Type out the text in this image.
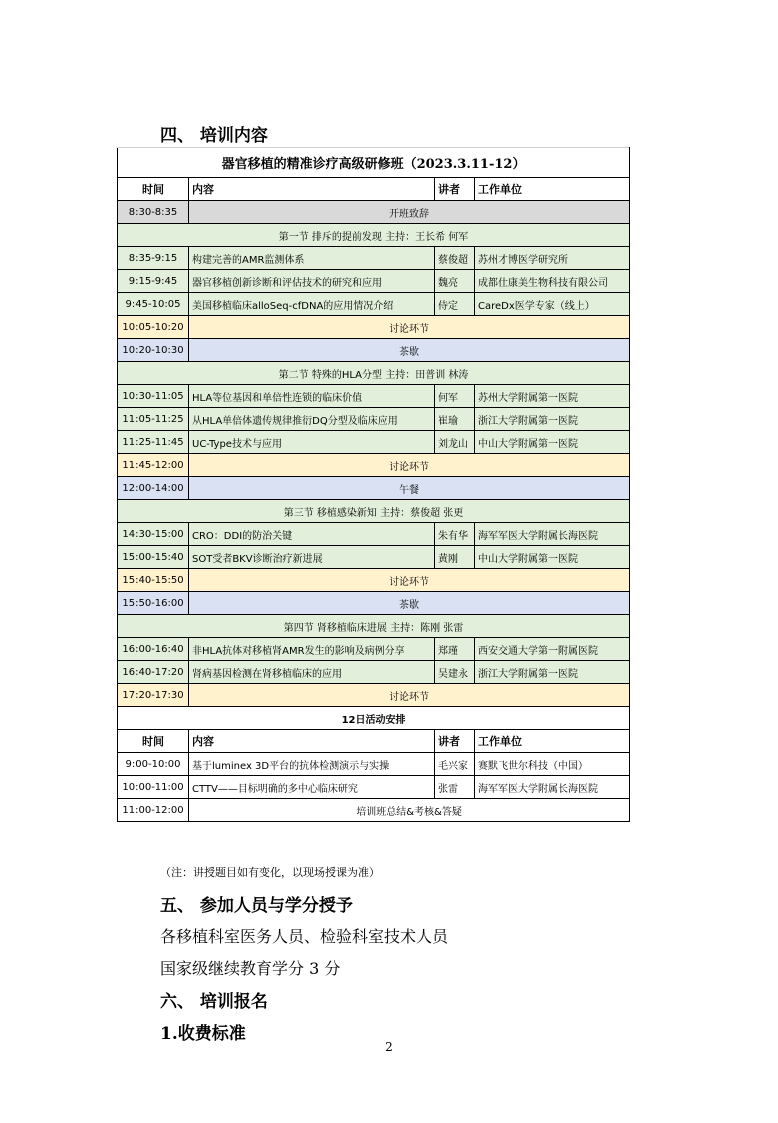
四、 培训内容
器官移植的精准诊疗高级研修班（2023.3.11-12）			
时间	内容	讲者	工作单位
8:30-8:35	开班致辞		
第一节 排斥的提前发现 主持：王长希 何军			
8:35-9:15	构建完善的AMR监测体系	蔡俊超	苏州才博医学研究所
9:15-9:45	器官移植创新诊断和评估技术的研究和应用	魏亮	成都仕康美生物科技有限公司
9:45-10:05	美国移植临床alloSeq-cfDNA的应用情况介绍	侍定	CareDx医学专家（线上）
10:05-10:20	讨论环节		
10:20-10:30	茶歇		
第二节 特殊的HLA分型 主持：田普训 林涛			
10:30-11:05	HLA等位基因和单倍性连锁的临床价值	何军	苏州大学附属第一医院
11:05-11:25	从HLA单倍体遗传规律推衍DQ分型及临床应用	崔瑜	浙江大学附属第一医院
11:25-11:45	UC-Type技术与应用	刘龙山	中山大学附属第一医院
11:45-12:00	讨论环节		
12:00-14:00	午餐		
第三节 移植感染新知 主持：蔡俊超 张更			
14:30-15:00	CRO：DDI的防治关键	朱有华	海军军医大学附属长海医院
15:00-15:40	SOT受者BKV诊断治疗新进展	黄刚	中山大学附属第一医院
15:40-15:50	讨论环节		
15:50-16:00	茶歇		
第四节 肾移植临床进展 主持：陈刚 张雷			
16:00-16:40	非HLA抗体对移植肾AMR发生的影响及病例分享	郑瑾	西安交通大学第一附属医院
16:40-17:20	肾病基因检测在肾移植临床的应用	吴建永	浙江大学附属第一医院
17:20-17:30	讨论环节		
12日活动安排			
时间	内容	讲者	工作单位
9:00-10:00	基于luminex 3D平台的抗体检测演示与实操	毛兴家	赛默飞世尔科技（中国）
10:00-11:00	CTTV——目标明确的多中心临床研究	张雷	海军军医大学附属长海医院
11:00-12:00	培训班总结&考核&答疑		
（注：讲授题目如有变化，以现场授课为准）
五、 参加人员与学分授予
各移植科室医务人员、检验科室技术人员
国家级继续教育学分 3 分
六、 培训报名
1.收费标准
2
